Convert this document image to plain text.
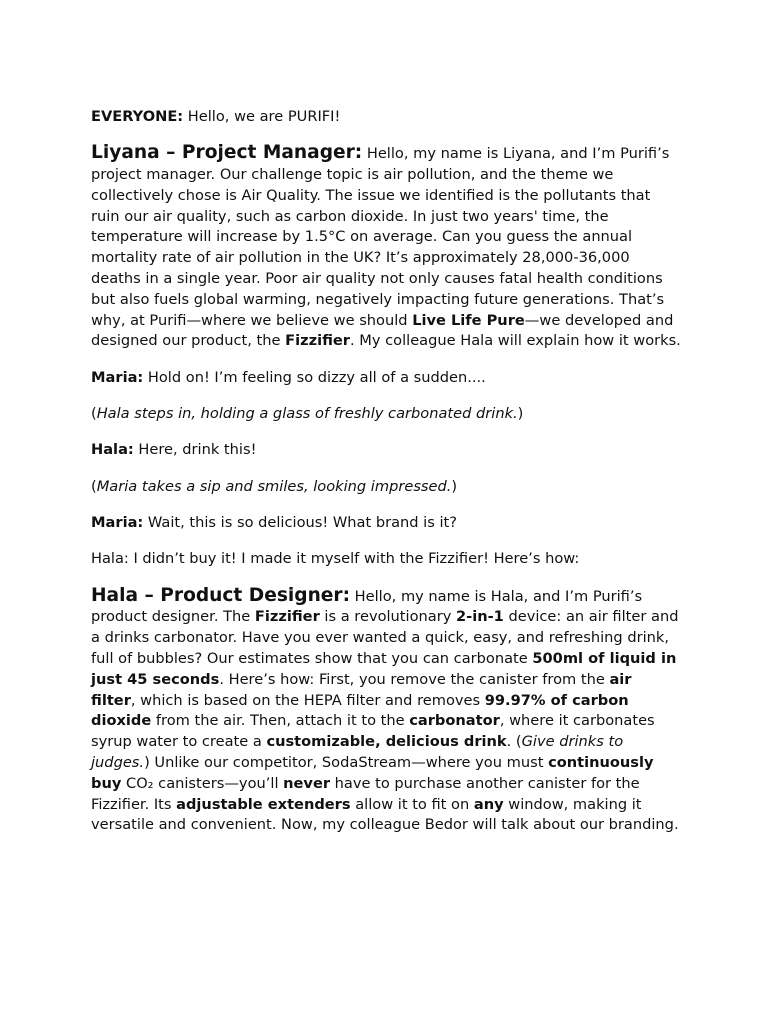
EVERYONE: Hello, we are PURIFI!

Liyana – Project Manager: Hello, my name is Liyana, and I’m Purifi’s project manager. Our challenge topic is air pollution, and the theme we collectively chose is Air Quality. The issue we identified is the pollutants that ruin our air quality, such as carbon dioxide. In just two years' time, the temperature will increase by 1.5°C on average. Can you guess the annual mortality rate of air pollution in the UK? It’s approximately 28,000-36,000 deaths in a single year. Poor air quality not only causes fatal health conditions but also fuels global warming, negatively impacting future generations. That’s why, at Purifi—where we believe we should Live Life Pure—we developed and designed our product, the Fizzifier. My colleague Hala will explain how it works.

Maria: Hold on! I’m feeling so dizzy all of a sudden....

(Hala steps in, holding a glass of freshly carbonated drink.)

Hala: Here, drink this!

(Maria takes a sip and smiles, looking impressed.)

Maria: Wait, this is so delicious! What brand is it?

Hala: I didn’t buy it! I made it myself with the Fizzifier! Here’s how:

Hala – Product Designer: Hello, my name is Hala, and I’m Purifi’s product designer. The Fizzifier is a revolutionary 2-in-1 device: an air filter and a drinks carbonator. Have you ever wanted a quick, easy, and refreshing drink, full of bubbles? Our estimates show that you can carbonate 500ml of liquid in just 45 seconds. Here’s how: First, you remove the canister from the air filter, which is based on the HEPA filter and removes 99.97% of carbon dioxide from the air. Then, attach it to the carbonator, where it carbonates syrup water to create a customizable, delicious drink. (Give drinks to judges.) Unlike our competitor, SodaStream—where you must continuously buy CO₂ canisters—you’ll never have to purchase another canister for the Fizzifier. Its adjustable extenders allow it to fit on any window, making it versatile and convenient. Now, my colleague Bedor will talk about our branding.
